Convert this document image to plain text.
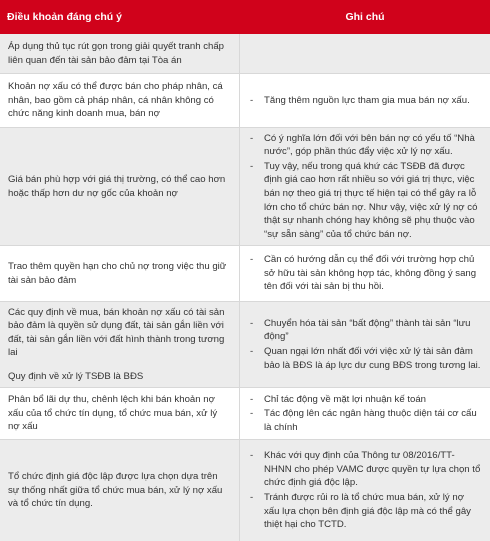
Điều khoản đáng chú ý	Ghi chú

Áp dụng thủ tục rút gọn trong giải quyết tranh chấp liên quan đến tài sản bảo đảm tại Tòa án

Khoản nợ xấu có thể được bán cho pháp nhân, cá nhân, bao gồm cả pháp nhân, cá nhân không có chức năng kinh doanh mua, bán nợ

-	Tăng thêm nguồn lực tham gia mua bán nợ xấu.

Giá bán phù hợp với giá thị trường, có thể cao hơn hoặc thấp hơn dư nợ gốc của khoản nợ

-	Có ý nghĩa lớn đối với bên bán nợ có yếu tố “Nhà nước”, góp phần thúc đẩy việc xử lý nợ xấu.
-	Tuy vậy, nếu trong quá khứ các TSĐB đã được định giá cao hơn rất nhiều so với giá trị thực, việc bán nợ theo giá trị thực tế hiện tại có thể gây ra lỗ lớn cho tổ chức bán nợ. Như vậy, việc xử lý nợ có thật sự nhanh chóng hay không sẽ phụ thuộc vào “sự sẵn sàng” của tổ chức bán nợ.

Trao thêm quyền hạn cho chủ nợ trong việc thu giữ tài sản bảo đảm

-	Cần có hướng dẫn cụ thể đối với trường hợp chủ sở hữu tài sản không hợp tác, không đồng ý sang tên đối với tài sản bị thu hồi.

Các quy định về mua, bán khoản nợ xấu có tài sản bảo đảm là quyền sử dụng đất, tài sản gắn liền với đất, tài sản gắn liền với đất hình thành trong tương lai

Quy định về xử lý TSĐB là BĐS

-	Chuyển hóa tài sản “bất động” thành tài sản “lưu động”
-	Quan ngại lớn nhất đối với việc xử lý tài sản đảm bảo là BĐS là áp lực dư cung BĐS trong tương lai.

Phân bổ lãi dự thu, chênh lệch khi bán khoản nợ xấu của tổ chức tín dụng, tổ chức mua bán, xử lý nợ xấu

-	Chỉ tác động về mặt lợi nhuận kế toán
-	Tác động lên các ngân hàng thuộc diện tái cơ cấu là chính

Tổ chức định giá độc lập được lựa chọn dựa trên sự thống nhất giữa tổ chức mua bán, xử lý nợ xấu và tổ chức tín dụng.

-	Khác với quy định của Thông tư 08/2016/TT-NHNN cho phép VAMC được quyền tự lựa chọn tổ chức định giá độc lập.
-	Tránh được rủi ro là tổ chức mua bán, xử lý nợ xấu lựa chọn bên định giá độc lập mà có thể gây thiệt hại cho TCTD.
